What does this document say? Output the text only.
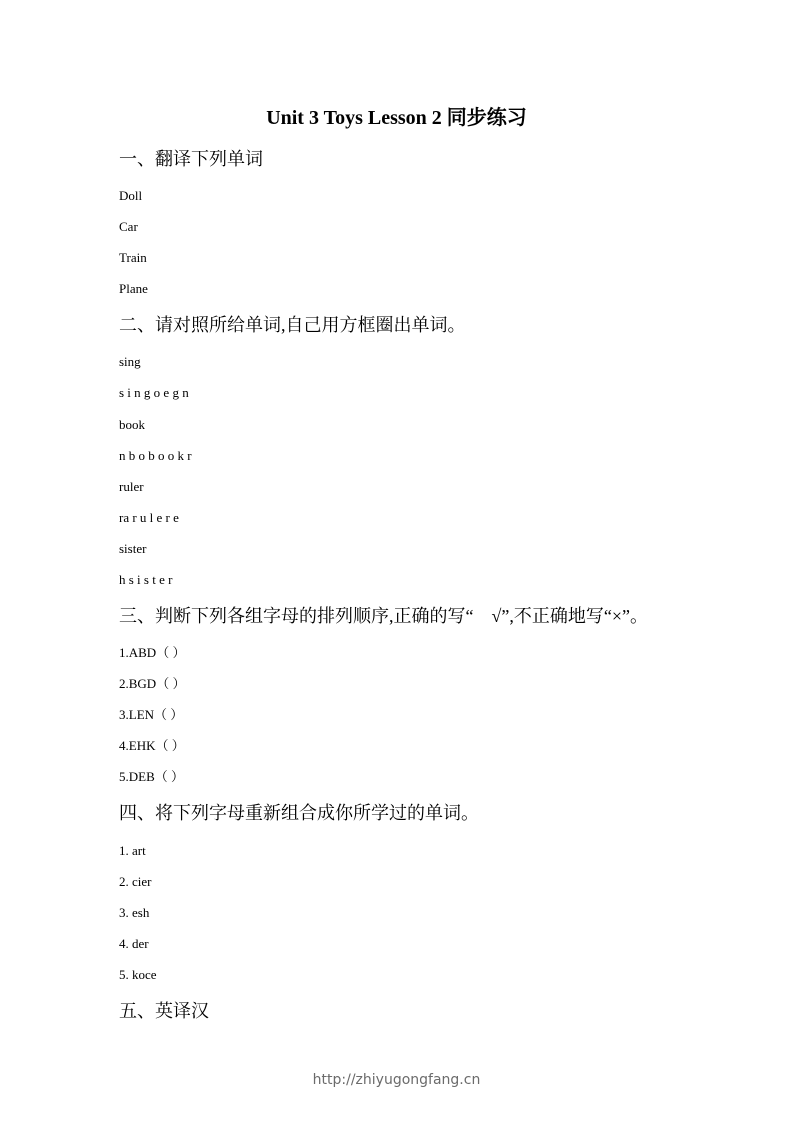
Unit 3 Toys Lesson 2 同步练习
一、翻译下列单词
Doll
Car
Train
Plane
二、请对照所给单词,自己用方框圈出单词。
sing
s i n g o e g n
book
n b o b o o k r
ruler
ra r u l e r e
sister
h s i s t e r
三、判断下列各组字母的排列顺序,正确的写“　√”,不正确地写“×”。
1.ABD（ ）
2.BGD（ ）
3.LEN（ ）
4.EHK（ ）
5.DEB（ ）
四、将下列字母重新组合成你所学过的单词。
1. art
2. cier
3. esh
4. der
5. koce
五、英译汉
http://zhiyugongfang.cn
